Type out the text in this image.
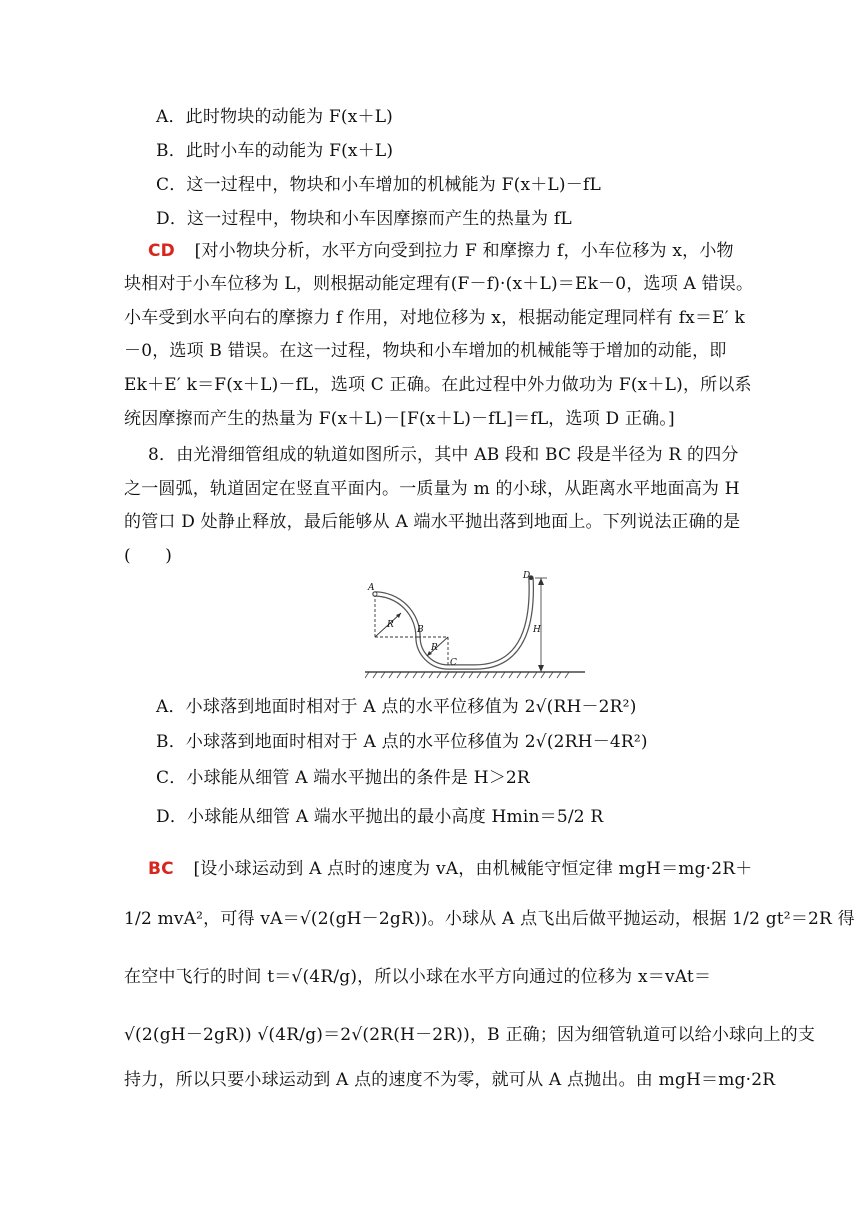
A．此时物块的动能为 F(x＋L)
B．此时小车的动能为 F(x＋L)
C．这一过程中，物块和小车增加的机械能为 F(x＋L)－fL
D．这一过程中，物块和小车因摩擦而产生的热量为 fL
CD [对小物块分析，水平方向受到拉力 F 和摩擦力 f，小车位移为 x，小物
块相对于小车位移为 L，则根据动能定理有(F－f)·(x＋L)＝Ek－0，选项 A 错误。
小车受到水平向右的摩擦力 f 作用，对地位移为 x，根据动能定理同样有 fx＝E′ k
－0，选项 B 错误。在这一过程，物块和小车增加的机械能等于增加的动能，即
Ek＋E′ k＝F(x＋L)－fL，选项 C 正确。在此过程中外力做功为 F(x＋L)，所以系
统因摩擦而产生的热量为 F(x＋L)－[F(x＋L)－fL]＝fL，选项 D 正确。]
8．由光滑细管组成的轨道如图所示，其中 AB 段和 BC 段是半径为 R 的四分
之一圆弧，轨道固定在竖直平面内。一质量为 m 的小球，从距离水平地面高为 H
的管口 D 处静止释放，最后能够从 A 端水平抛出落到地面上。下列说法正确的是
(　　)
A
R	B
R
C
D
H
A．小球落到地面时相对于 A 点的水平位移值为 2√(RH－2R²)
B．小球落到地面时相对于 A 点的水平位移值为 2√(2RH－4R²)
C．小球能从细管 A 端水平抛出的条件是 H＞2R
D．小球能从细管 A 端水平抛出的最小高度 Hmin＝5/2 R
BC [设小球运动到 A 点时的速度为 vA，由机械能守恒定律 mgH＝mg·2R＋
1/2 mvA²，可得 vA＝√(2(gH－2gR))。小球从 A 点飞出后做平抛运动，根据 1/2 gt²＝2R 得
在空中飞行的时间 t＝√(4R/g)，所以小球在水平方向通过的位移为 x＝vAt＝
√(2(gH－2gR)) √(4R/g)＝2√(2R(H－2R))，B 正确；因为细管轨道可以给小球向上的支
持力，所以只要小球运动到 A 点的速度不为零，就可从 A 点抛出。由 mgH＝mg·2R
